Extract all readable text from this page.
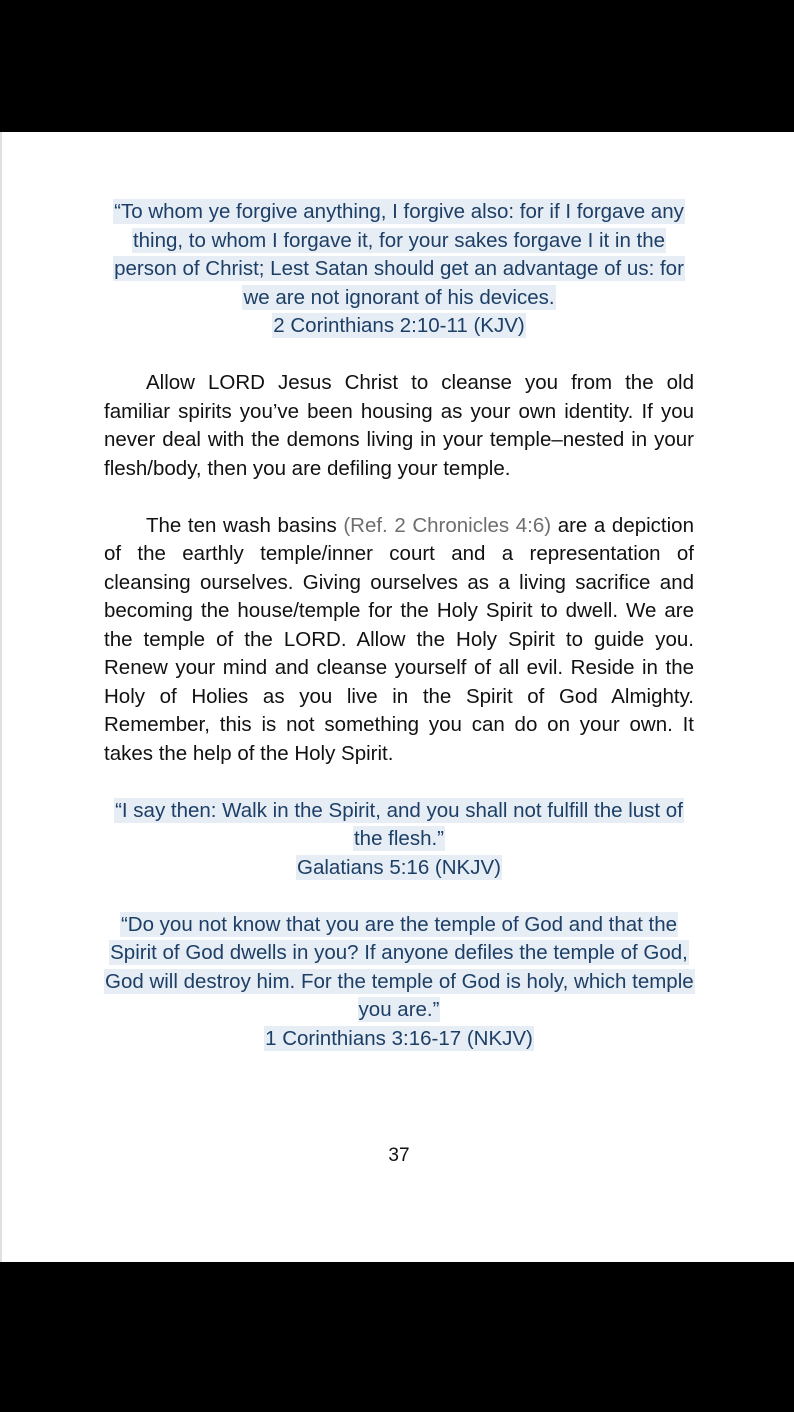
“To whom ye forgive anything, I forgive also: for if I forgave any thing, to whom I forgave it, for your sakes forgave I it in the person of Christ; Lest Satan should get an advantage of us: for we are not ignorant of his devices.
2 Corinthians 2:10-11 (KJV)

Allow LORD Jesus Christ to cleanse you from the old familiar spirits you’ve been housing as your own identity. If you never deal with the demons living in your temple–nested in your flesh/body, then you are defiling your temple.

The ten wash basins (Ref. 2 Chronicles 4:6) are a depiction of the earthly temple/inner court and a representation of cleansing ourselves. Giving ourselves as a living sacrifice and becoming the house/temple for the Holy Spirit to dwell. We are the temple of the LORD. Allow the Holy Spirit to guide you. Renew your mind and cleanse yourself of all evil. Reside in the Holy of Holies as you live in the Spirit of God Almighty. Remember, this is not something you can do on your own. It takes the help of the Holy Spirit.

“I say then: Walk in the Spirit, and you shall not fulfill the lust of the flesh.”
Galatians 5:16 (NKJV)
“Do you not know that you are the temple of God and that the Spirit of God dwells in you? If anyone defiles the temple of God, God will destroy him. For the temple of God is holy, which temple you are.”
1 Corinthians 3:16-17 (NKJV)
37
